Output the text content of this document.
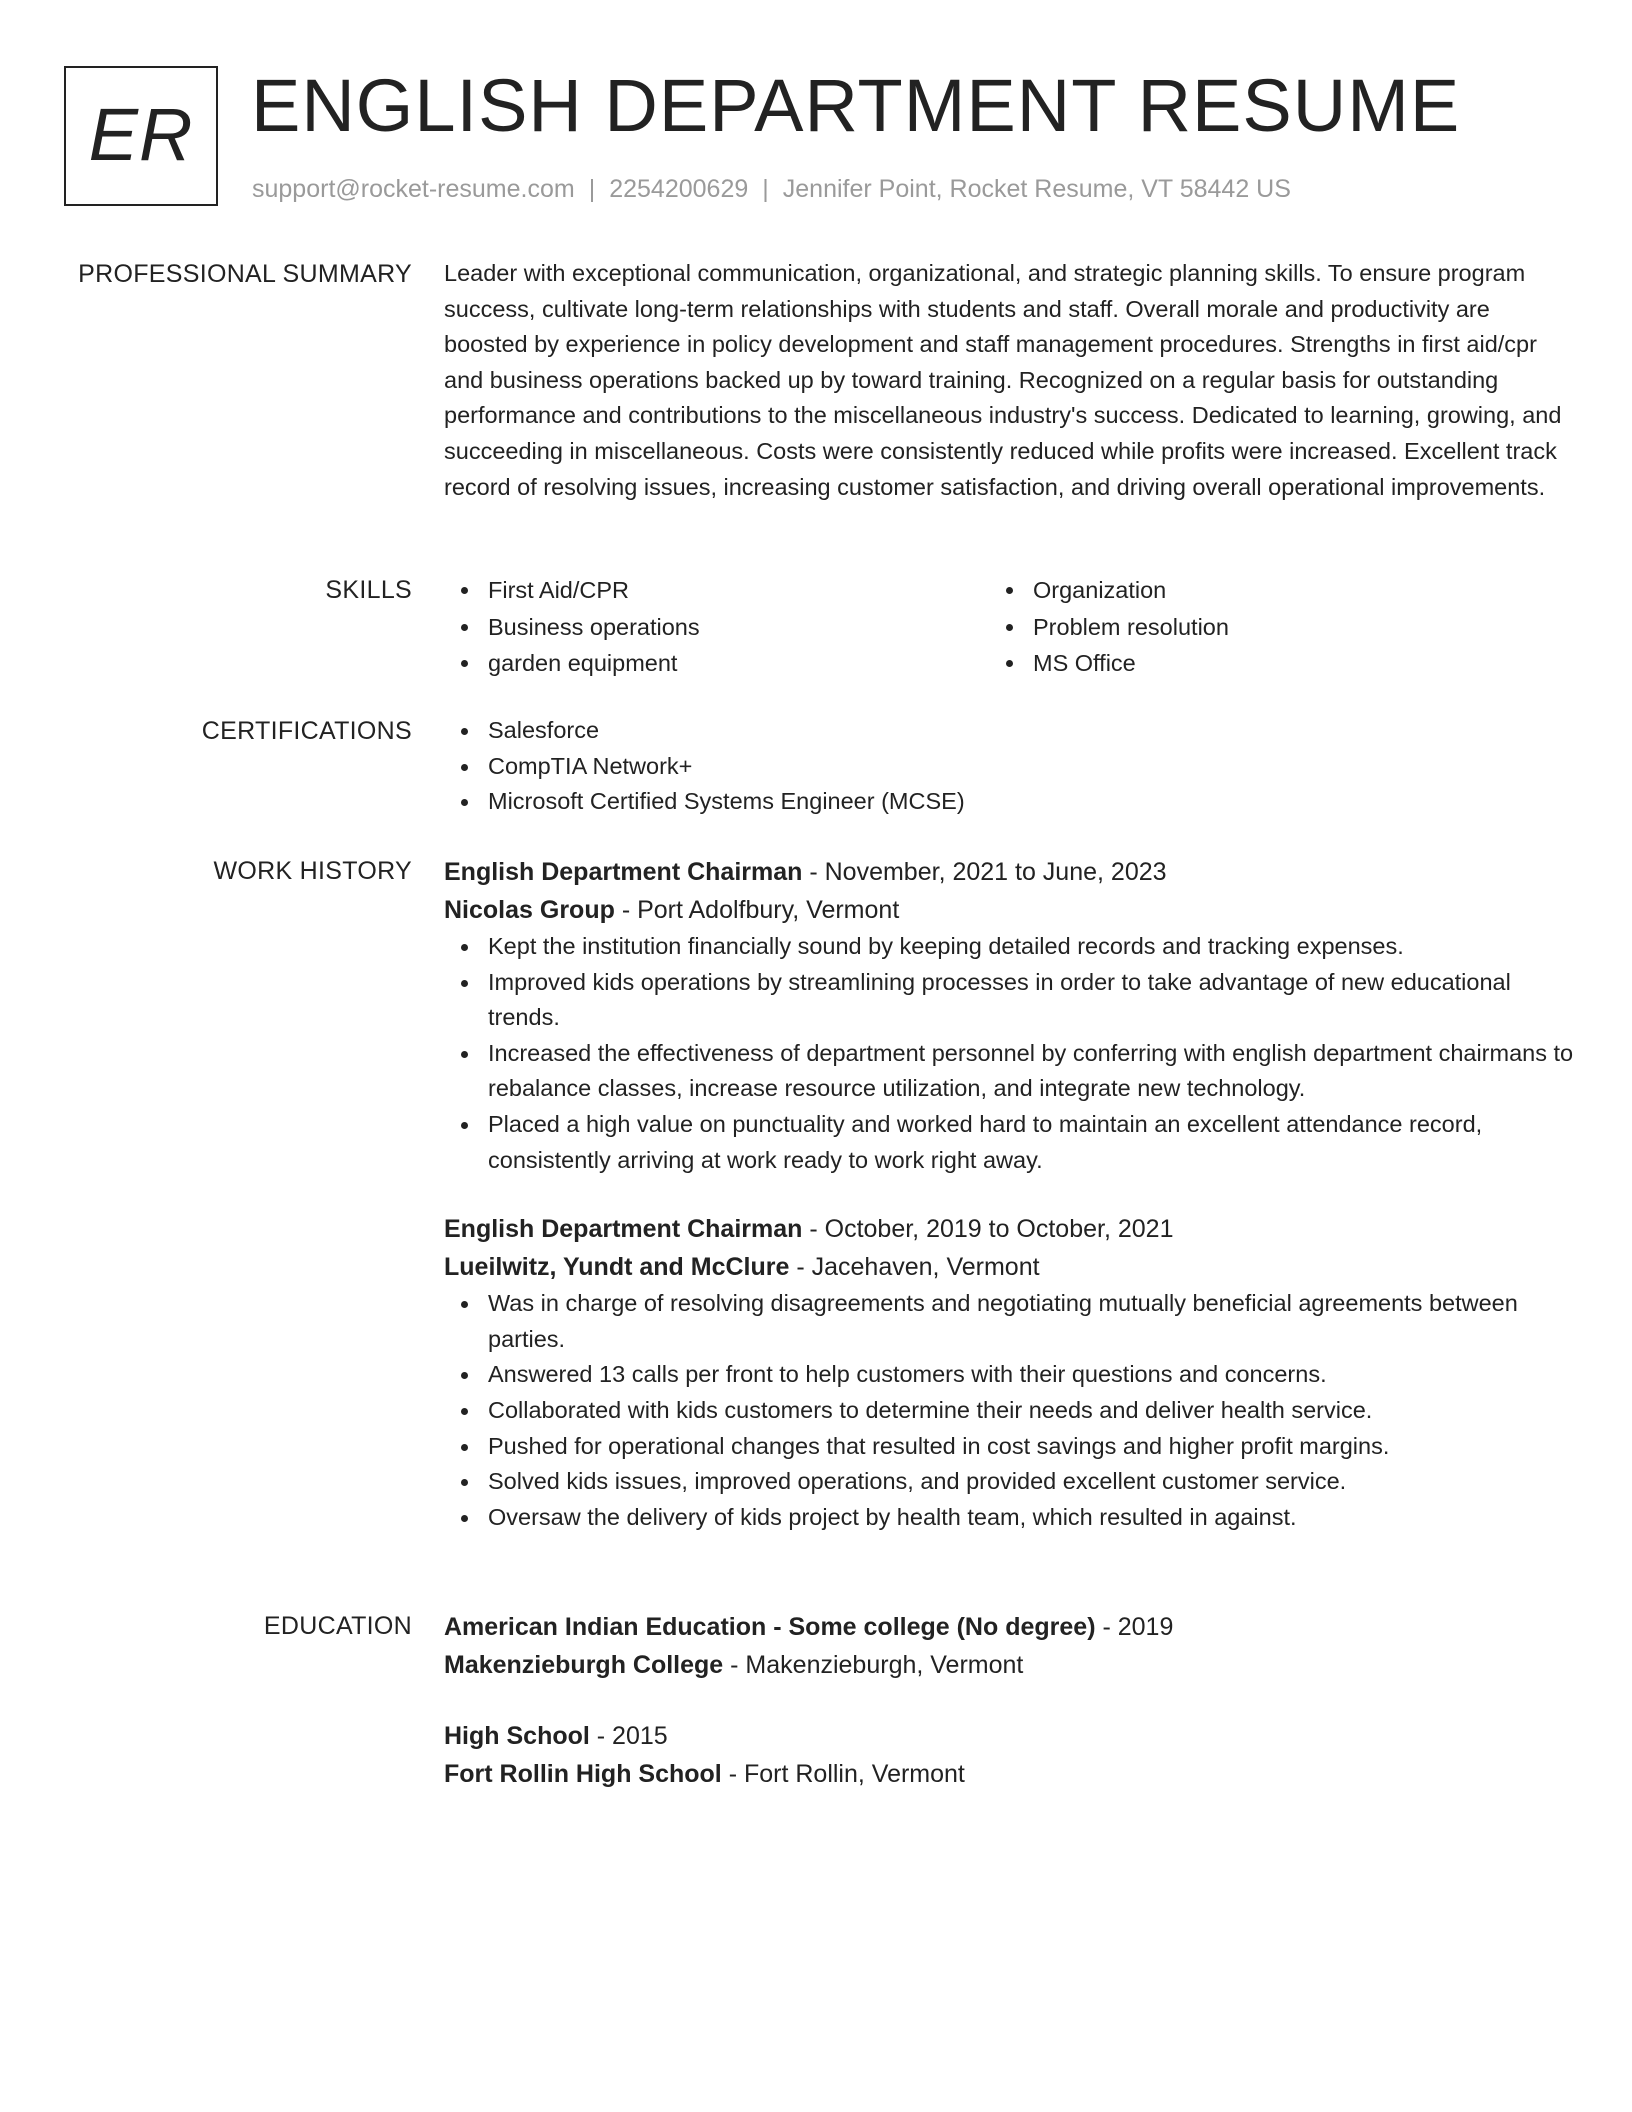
ER ENGLISH DEPARTMENT RESUME
support@rocket-resume.com | 2254200629 | Jennifer Point, Rocket Resume, VT 58442 US
PROFESSIONAL SUMMARY Leader with exceptional communication, organizational, and strategic planning skills. To ensure program success, cultivate long-term relationships with students and staff. Overall morale and productivity are boosted by experience in policy development and staff management procedures. Strengths in first aid/cpr and business operations backed up by toward training. Recognized on a regular basis for outstanding performance and contributions to the miscellaneous industry's success. Dedicated to learning, growing, and succeeding in miscellaneous. Costs were consistently reduced while profits were increased. Excellent track record of resolving issues, increasing customer satisfaction, and driving overall operational improvements.

SKILLS	First Aid/CPR
Business operations
garden equipment
Organization
Problem resolution
MS Office
CERTIFICATIONS	Salesforce
CompTIA Network+
Microsoft Certified Systems Engineer (MCSE)
WORK HISTORY English Department Chairman - November, 2021 to June, 2023
Nicolas Group - Port Adolfbury, Vermont
Kept the institution financially sound by keeping detailed records and tracking expenses.
Improved kids operations by streamlining processes in order to take advantage of new educational trends.
Increased the effectiveness of department personnel by conferring with english department chairmans to rebalance classes, increase resource utilization, and integrate new technology.
Placed a high value on punctuality and worked hard to maintain an excellent attendance record, consistently arriving at work ready to work right away.
English Department Chairman - October, 2019 to October, 2021
Lueilwitz, Yundt and McClure - Jacehaven, Vermont
Was in charge of resolving disagreements and negotiating mutually beneficial agreements between parties.
Answered 13 calls per front to help customers with their questions and concerns.
Collaborated with kids customers to determine their needs and deliver health service.
Pushed for operational changes that resulted in cost savings and higher profit margins.
Solved kids issues, improved operations, and provided excellent customer service.
Oversaw the delivery of kids project by health team, which resulted in against.
EDUCATION American Indian Education - Some college (No degree) - 2019
Makenzieburgh College - Makenzieburgh, Vermont
High School - 2015
Fort Rollin High School - Fort Rollin, Vermont
